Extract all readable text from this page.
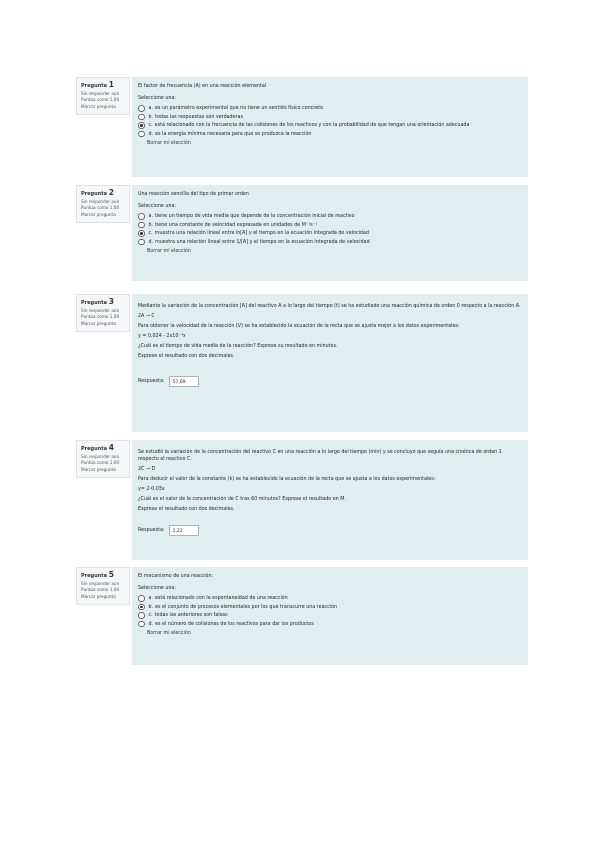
Pregunta 1
Sin responder aún
Puntúa como 1,00
Marcar pregunta
El factor de frecuencia (A) en una reacción elemental
Seleccione una:
a. es un parámetro experimental que no tiene un sentido físico concreto
b. todas las respuestas son verdaderas
c. está relacionado con la frecuencia de las colisiones de los reactivos y con la probabilidad de que tengan una orientación adecuada
d. es la energía mínima necesaria para que se produzca la reacción
Borrar mi elección
Pregunta 2
Sin responder aún
Puntúa como 1,00
Marcar pregunta
Una reacción sencilla del tipo de primer orden
Seleccione una:
a. tiene un tiempo de vida media que depende de la concentración inicial de reactivo
b. tiene una constante de velocidad expresada en unidades de M⁻¹s⁻¹
c. muestra una relación lineal entre ln[A] y el tiempo en la ecuación integrada de velocidad
d. muestra una relación lineal entre 1/[A] y el tiempo en la ecuación integrada de velocidad
Borrar mi elección
Pregunta 3
Sin responder aún
Puntúa como 1,00
Marcar pregunta
Mediante la variación de la concentración [A] del reactivo A a lo largo del tiempo (t) se ha estudiado una reacción química de orden 0 respecto a la reacción A.
2A → C
Para obtener la velocidad de la reacción (V) se ha establecido la ecuación de la recta que se ajusta mejor a los datos experimentales:
y = 0,024 - 2x10⁻⁴x
¿Cuál es el tiempo de vida media de la reacción? Exprese su resultado en minutos.
Exprese el resultado con dos decimales.
Respuesta:	57,69
Pregunta 4
Sin responder aún
Puntúa como 1,00
Marcar pregunta
Se estudió la variación de la concentración del reactivo C en una reacción a lo largo del tiempo (min) y se concluyó que seguía una cinética de orden 1 respecto al reactivo C.
2C → D
Para deducir el valor de la constante (k) se ha establecido la ecuación de la recta que se ajusta a los datos experimentales:
y= 2-0,03x
¿Cuál es el valor de la concentración de C tras 60 minutos? Exprese el resultado en M.
Exprese el resultado con dos decimales.
Respuesta:	1,22
Pregunta 5
Sin responder aún
Puntúa como 1,00
Marcar pregunta
El mecanismo de una reacción:
Seleccione una:
a. está relacionado con la espontaneidad de una reacción
b. es el conjunto de procesos elementales por los que transcurre una reacción
c. todas las anteriores son falsas
d. es el número de colisiones de los reactivos para dar los productos
Borrar mi elección
